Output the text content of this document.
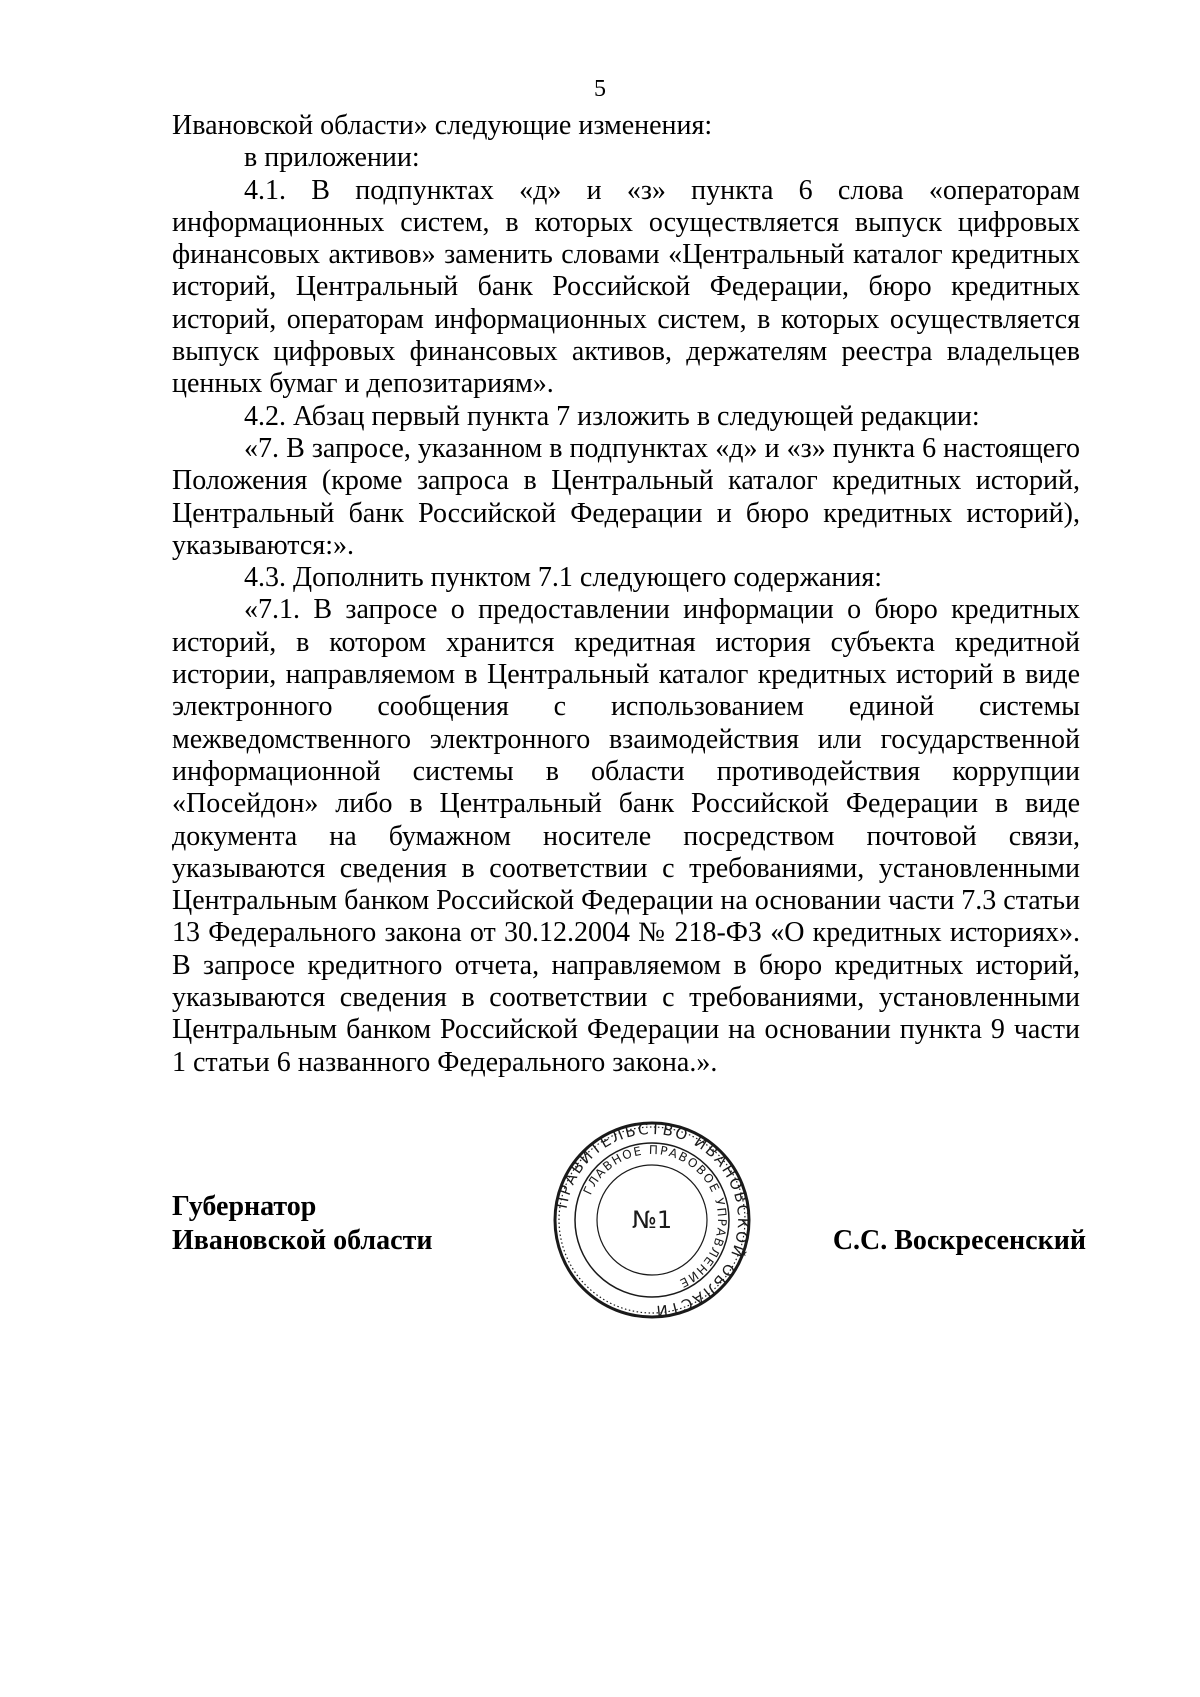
5

Ивановской области» следующие изменения:

в приложении:

4.1. В подпунктах «д» и «з» пункта 6 слова «операторам информационных систем, в которых осуществляется выпуск цифровых финансовых активов» заменить словами «Центральный каталог кредитных историй, Центральный банк Российской Федерации, бюро кредитных историй, операторам информационных систем, в которых осуществляется выпуск цифровых финансовых активов, держателям реестра владельцев ценных бумаг и депозитариям».

4.2. Абзац первый пункта 7 изложить в следующей редакции:

«7. В запросе, указанном в подпунктах «д» и «з» пункта 6 настоящего Положения (кроме запроса в Центральный каталог кредитных историй, Центральный банк Российской Федерации и бюро кредитных историй), указываются:».

4.3. Дополнить пунктом 7.1 следующего содержания:

«7.1. В запросе о предоставлении информации о бюро кредитных историй, в котором хранится кредитная история субъекта кредитной истории, направляемом в Центральный каталог кредитных историй в виде электронного сообщения с использованием единой системы межведомственного электронного взаимодействия или государственной информационной системы в области противодействия коррупции «Посейдон» либо в Центральный банк Российской Федерации в виде документа на бумажном носителе посредством почтовой связи, указываются сведения в соответствии с требованиями, установленными Центральным банком Российской Федерации на основании части 7.3 статьи 13 Федерального закона от 30.12.2004 № 218-ФЗ «О кредитных историях». В запросе кредитного отчета, направляемом в бюро кредитных историй, указываются сведения в соответствии с требованиями, установленными Центральным банком Российской Федерации на основании пункта 9 части 1 статьи 6 названного Федерального закона.».

Губернатор
Ивановской области
ПРАВИТЕЛЬСТВО ИВАНОВСКОЙ ОБЛАСТИ
ГЛАВНОЕ ПРАВОВОЕ УПРАВЛЕНИЕ
№1
С.С. Воскресенский
